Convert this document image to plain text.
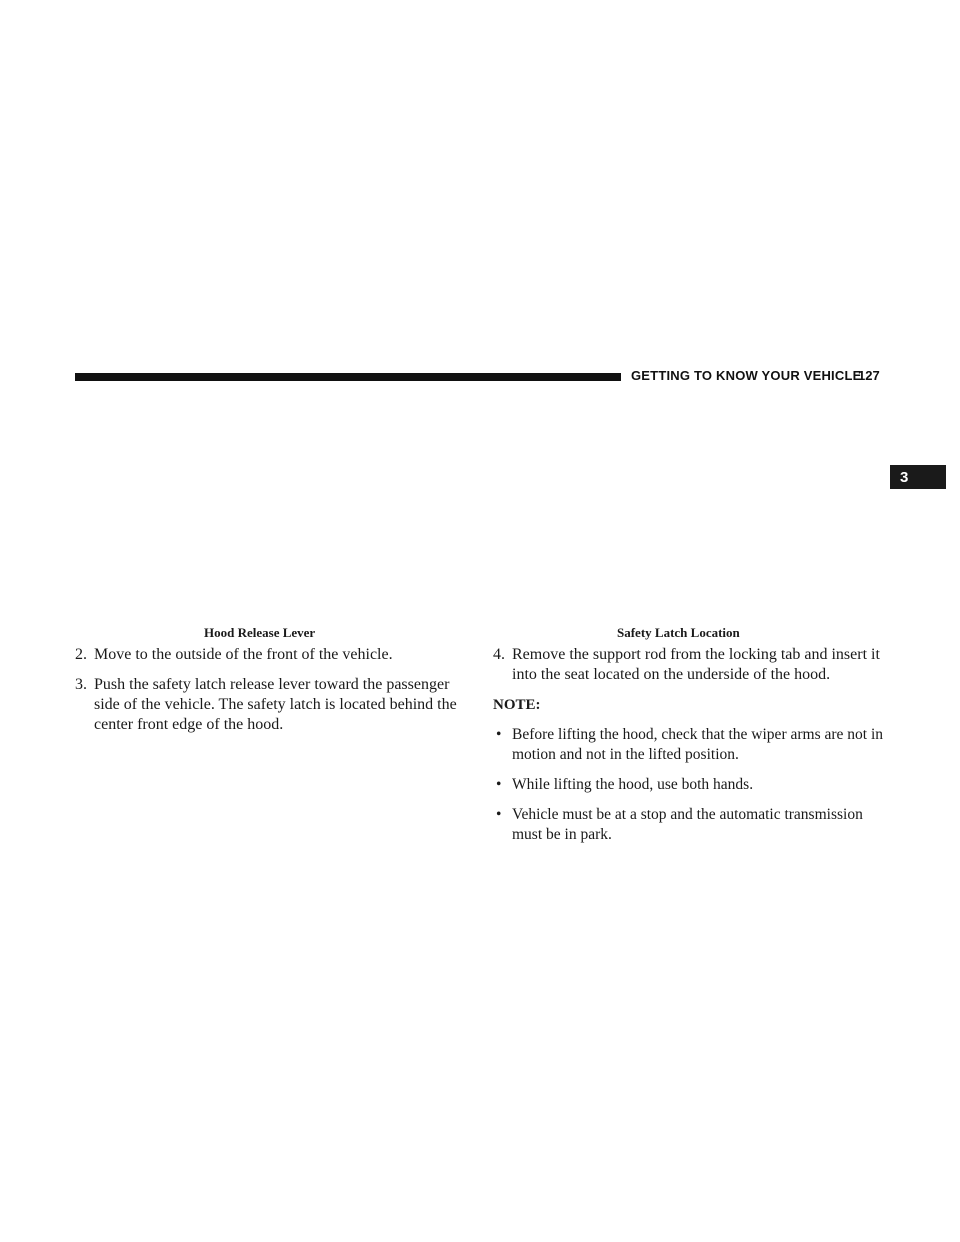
GETTING TO KNOW YOUR VEHICLE
127
3
Hood Release Lever	Safety Latch Location
2. Move to the outside of the front of the vehicle.
3. Push the safety latch release lever toward the passenger side of the vehicle. The safety latch is located behind the center front edge of the hood.
4. Remove the support rod from the locking tab and insert it into the seat located on the underside of the hood.
NOTE:
• Before lifting the hood, check that the wiper arms are not in motion and not in the lifted position.
• While lifting the hood, use both hands.
• Vehicle must be at a stop and the automatic transmission must be in park.
